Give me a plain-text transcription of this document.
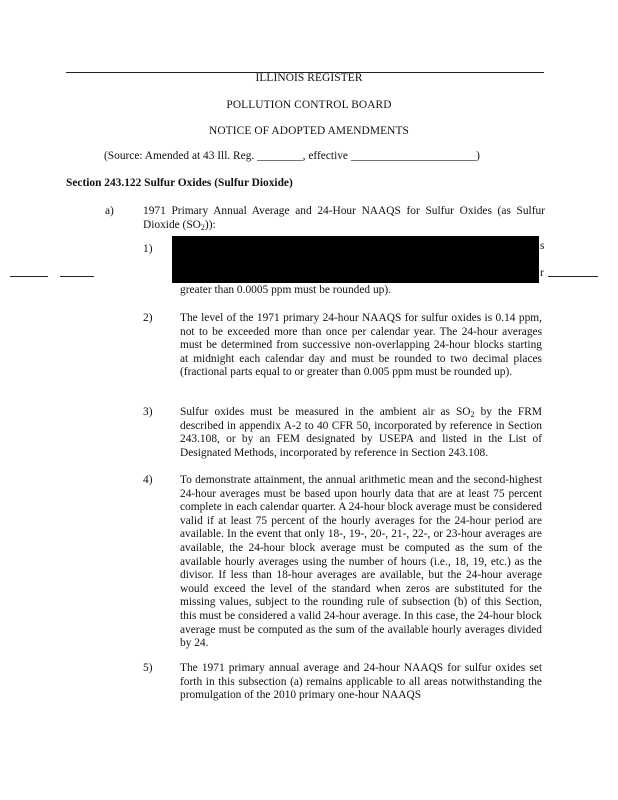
ILLINOIS REGISTER
POLLUTION CONTROL BOARD
NOTICE OF ADOPTED AMENDMENTS
(Source: Amended at 43 Ill. Reg. ________, effective ______________________)
Section 243.122 Sulfur Oxides (Sulfur Dioxide)
a)	1971 Primary Annual Average and 24-Hour NAAQS for Sulfur Oxides (as Sulfur Dioxide $(SO_2)$):
1)	s
r
greater than 0.0005 ppm must be rounded up).
2) The level of the 1971 primary 24-hour NAAQS for sulfur oxides is 0.14 ppm, not to be exceeded more than once per calendar year. The 24-hour averages must be determined from successive non-overlapping 24-hour blocks starting at midnight each calendar day and must be rounded to two decimal places (fractional parts equal to or greater than 0.005 ppm must be rounded up).
3) Sulfur oxides must be measured in the ambient air as $SO_2$ by the FRM described in appendix A-2 to 40 CFR 50, incorporated by reference in Section 243.108, or by an FEM designated by USEPA and listed in the List of Designated Methods, incorporated by reference in Section 243.108.
4) To demonstrate attainment, the annual arithmetic mean and the second-highest 24-hour averages must be based upon hourly data that are at least 75 percent complete in each calendar quarter. A 24-hour block average must be considered valid if at least 75 percent of the hourly averages for the 24-hour period are available. In the event that only 18-, 19-, 20-, 21-, 22-, or 23-hour averages are available, the 24-hour block average must be computed as the sum of the available hourly averages using the number of hours (i.e., 18, 19, etc.) as the divisor. If less than 18-hour averages are available, but the 24-hour average would exceed the level of the standard when zeros are substituted for the missing values, subject to the rounding rule of subsection (b) of this Section, this must be considered a valid 24-hour average. In this case, the 24-hour block average must be computed as the sum of the available hourly averages divided by 24.
5) The 1971 primary annual average and 24-hour NAAQS for sulfur oxides set forth in this subsection (a) remains applicable to all areas notwithstanding the promulgation of the 2010 primary one-hour NAAQS
